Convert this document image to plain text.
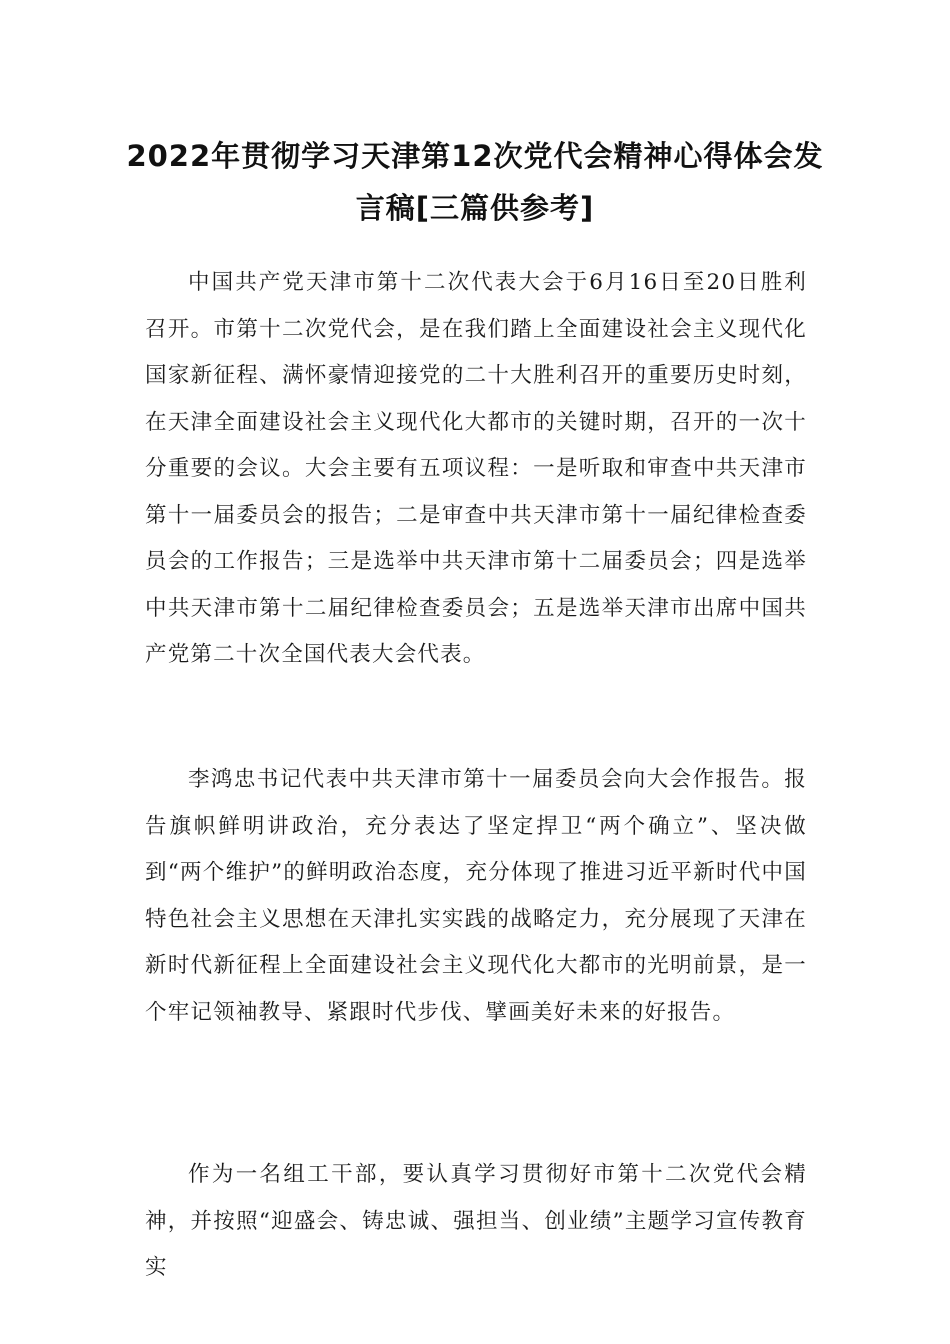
2022年贯彻学习天津第12次党代会精神心得体会发言稿[三篇供参考]

中国共产党天津市第十二次代表大会于6月16日至20日胜利召开。市第十二次党代会，是在我们踏上全面建设社会主义现代化国家新征程、满怀豪情迎接党的二十大胜利召开的重要历史时刻，在天津全面建设社会主义现代化大都市的关键时期，召开的一次十分重要的会议。大会主要有五项议程：一是听取和审查中共天津市第十一届委员会的报告；二是审查中共天津市第十一届纪律检查委员会的工作报告；三是选举中共天津市第十二届委员会；四是选举中共天津市第十二届纪律检查委员会；五是选举天津市出席中国共产党第二十次全国代表大会代表。

李鸿忠书记代表中共天津市第十一届委员会向大会作报告。报告旗帜鲜明讲政治，充分表达了坚定捍卫“两个确立”、坚决做到“两个维护”的鲜明政治态度，充分体现了推进习近平新时代中国特色社会主义思想在天津扎实实践的战略定力，充分展现了天津在新时代新征程上全面建设社会主义现代化大都市的光明前景，是一个牢记领袖教导、紧跟时代步伐、擘画美好未来的好报告。

作为一名组工干部，要认真学习贯彻好市第十二次党代会精神，并按照“迎盛会、铸忠诚、强担当、创业绩”主题学习宣传教育实
